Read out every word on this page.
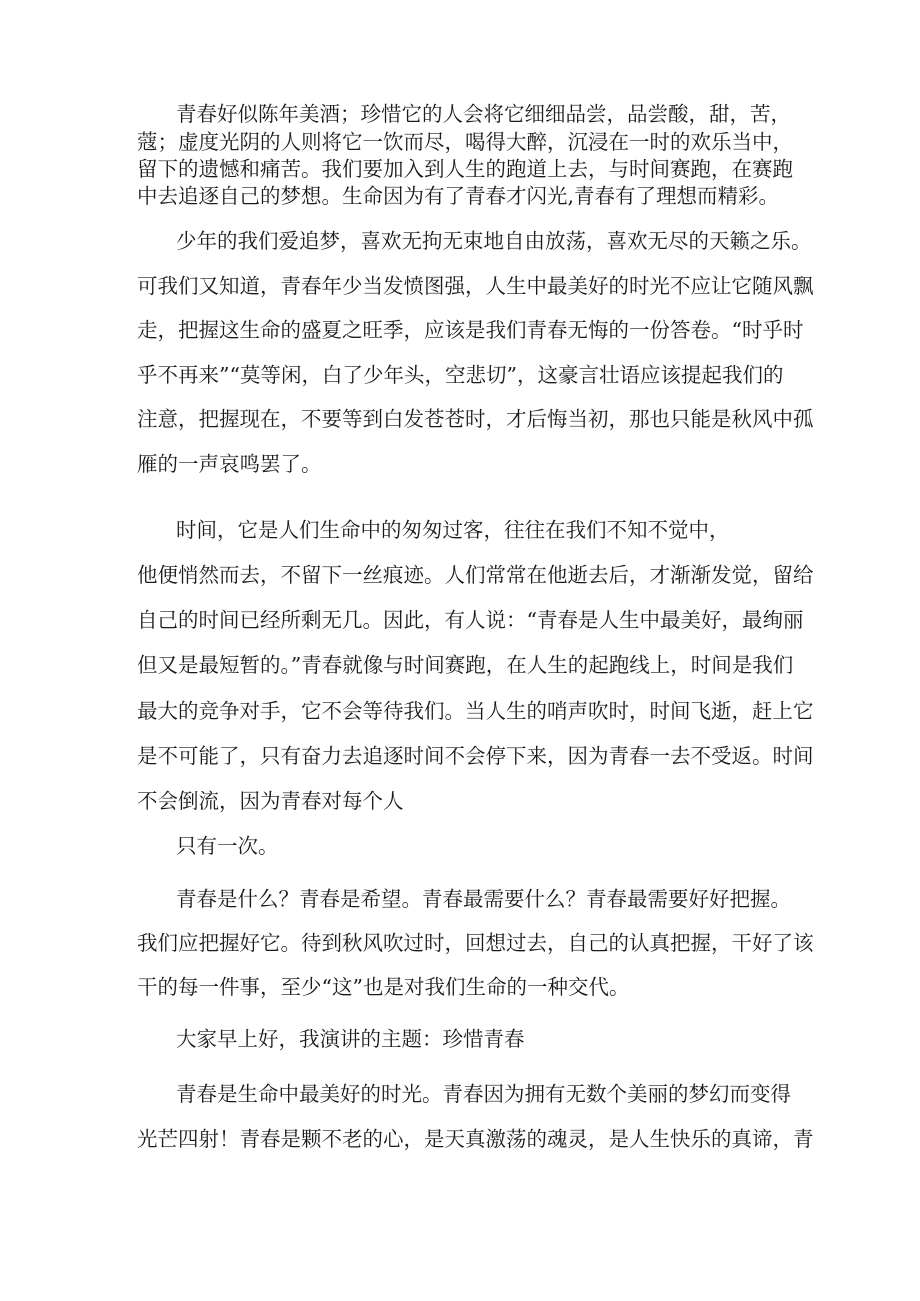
青春好似陈年美酒；珍惜它的人会将它细细品尝，品尝酸，甜，苦，

蔻；虚度光阴的人则将它一饮而尽，喝得大醉，沉浸在一时的欢乐当中，

留下的遗憾和痛苦。我们要加入到人生的跑道上去，与时间赛跑，在赛跑

中去追逐自己的梦想。生命因为有了青春才闪光,青春有了理想而精彩。

少年的我们爱追梦，喜欢无拘无束地自由放荡，喜欢无尽的天籁之乐。

可我们又知道，青春年少当发愤图强，人生中最美好的时光不应让它随风飘

走，把握这生命的盛夏之旺季，应该是我们青春无悔的一份答卷。“时乎时

乎不再来”“莫等闲，白了少年头，空悲切”，这豪言壮语应该提起我们的

注意，把握现在，不要等到白发苍苍时，才后悔当初，那也只能是秋风中孤

雁的一声哀鸣罢了。

时间，它是人们生命中的匆匆过客，往往在我们不知不觉中，

他便悄然而去，不留下一丝痕迹。人们常常在他逝去后，才渐渐发觉，留给

自己的时间已经所剩无几。因此，有人说：“青春是人生中最美好，最绚丽

但又是最短暂的。”青春就像与时间赛跑，在人生的起跑线上，时间是我们

最大的竞争对手，它不会等待我们。当人生的哨声吹时，时间飞逝，赶上它

是不可能了，只有奋力去追逐时间不会停下来，因为青春一去不受返。时间

不会倒流，因为青春对每个人

只有一次。

青春是什么？青春是希望。青春最需要什么？青春最需要好好把握。

我们应把握好它。待到秋风吹过时，回想过去，自己的认真把握，干好了该

干的每一件事，至少“这”也是对我们生命的一种交代。

大家早上好，我演讲的主题：珍惜青春

青春是生命中最美好的时光。青春因为拥有无数个美丽的梦幻而变得

光芒四射！青春是颗不老的心，是天真激荡的魂灵，是人生快乐的真谛，青
